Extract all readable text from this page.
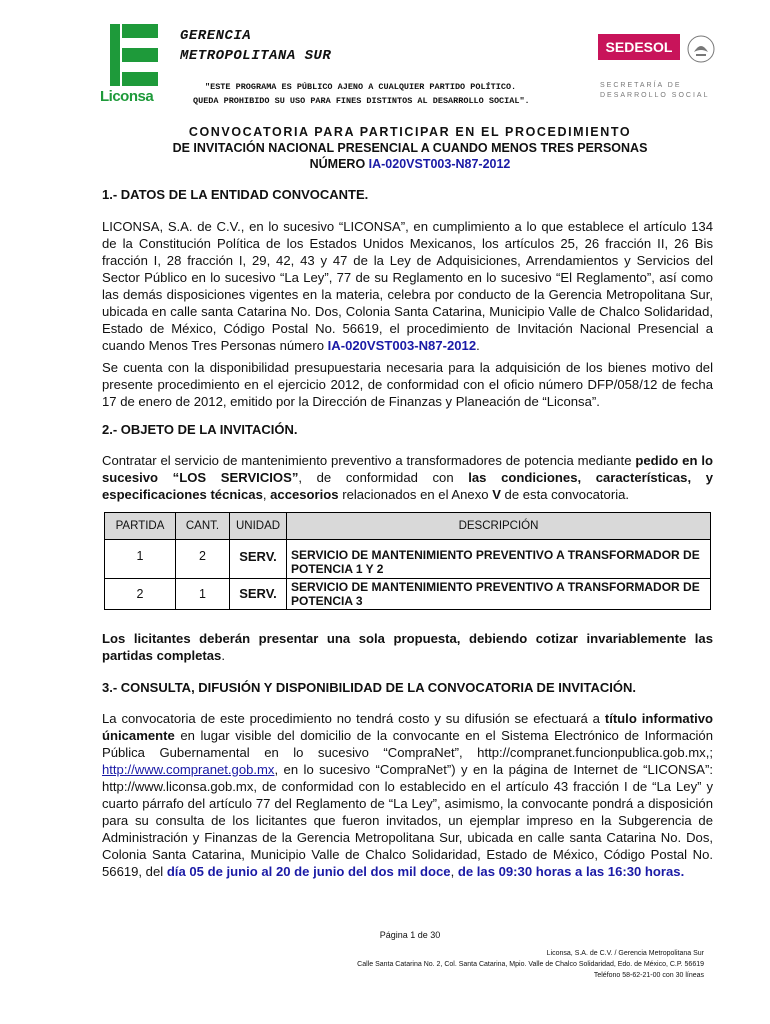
Liconsa
GERENCIA
METROPOLITANA SUR
"ESTE PROGRAMA ES PÚBLICO AJENO A CUALQUIER PARTIDO POLÍTICO.
QUEDA PROHIBIDO SU USO PARA FINES DISTINTOS AL DESARROLLO SOCIAL".
SEDESOL
SECRETARÍA DE
DESARROLLO SOCIAL
CONVOCATORIA PARA PARTICIPAR EN EL PROCEDIMIENTO
DE INVITACIÓN NACIONAL PRESENCIAL A CUANDO MENOS TRES PERSONAS
NÚMERO IA-020VST003-N87-2012
1.- DATOS DE LA ENTIDAD CONVOCANTE.
LICONSA, S.A. de C.V., en lo sucesivo “LICONSA”, en cumplimiento a lo que establece el artículo 134 de la Constitución Política de los Estados Unidos Mexicanos, los artículos 25, 26 fracción II, 26 Bis fracción I, 28 fracción I, 29, 42, 43 y 47 de la Ley de Adquisiciones, Arrendamientos y Servicios del Sector Público en lo sucesivo “La Ley”, 77 de su Reglamento en lo sucesivo “El Reglamento”, así como las demás disposiciones vigentes en la materia, celebra por conducto de la Gerencia Metropolitana Sur, ubicada en calle santa Catarina No. Dos, Colonia Santa Catarina, Municipio Valle de Chalco Solidaridad, Estado de México, Código Postal No. 56619, el procedimiento de Invitación Nacional Presencial a cuando Menos Tres Personas número IA-020VST003-N87-2012.
Se cuenta con la disponibilidad presupuestaria necesaria para la adquisición de los bienes motivo del presente procedimiento en el ejercicio 2012, de conformidad con el oficio número DFP/058/12 de fecha 17 de enero de 2012, emitido por la Dirección de Finanzas y Planeación de “Liconsa”.
2.- OBJETO DE LA INVITACIÓN.
Contratar el servicio de mantenimiento preventivo a transformadores de potencia mediante pedido en lo sucesivo “LOS SERVICIOS”, de conformidad con las condiciones, características, y especificaciones técnicas, accesorios relacionados en el Anexo V de esta convocatoria.
PARTIDA	CANT.	UNIDAD	DESCRIPCIÓN

1	2	SERV.	SERVICIO DE MANTENIMIENTO PREVENTIVO A TRANSFORMADOR DE POTENCIA 1 Y 2
2	1	SERV.	SERVICIO DE MANTENIMIENTO PREVENTIVO A TRANSFORMADOR DE POTENCIA 3
Los licitantes deberán presentar una sola propuesta, debiendo cotizar invariablemente las partidas completas.
3.- CONSULTA, DIFUSIÓN Y DISPONIBILIDAD DE LA CONVOCATORIA DE INVITACIÓN.
La convocatoria de este procedimiento no tendrá costo y su difusión se efectuará a título informativo únicamente en lugar visible del domicilio de la convocante en el Sistema Electrónico de Información Pública Gubernamental en lo sucesivo “CompraNet”, http://compranet.funcionpublica.gob.mx,; http://www.compranet.gob.mx, en lo sucesivo “CompraNet”) y en la página de Internet de “LICONSA”: http://www.liconsa.gob.mx, de conformidad con lo establecido en el artículo 43 fracción I de “La Ley” y cuarto párrafo del artículo 77 del Reglamento de “La Ley”, asimismo, la convocante pondrá a disposición para su consulta de los licitantes que fueron invitados, un ejemplar impreso en la Subgerencia de Administración y Finanzas de la Gerencia Metropolitana Sur, ubicada en calle santa Catarina No. Dos, Colonia Santa Catarina, Municipio Valle de Chalco Solidaridad, Estado de México, Código Postal No. 56619, del día 05 de junio al 20 de junio del dos mil doce, de las 09:30 horas a las 16:30 horas.
Página 1 de 30
Liconsa, S.A. de C.V. / Gerencia Metropolitana Sur
Calle Santa Catarina No. 2, Col. Santa Catarina, Mpio. Valle de Chalco Solidaridad, Edo. de México, C.P. 56619
Teléfono 58-62-21-00 con 30 líneas
